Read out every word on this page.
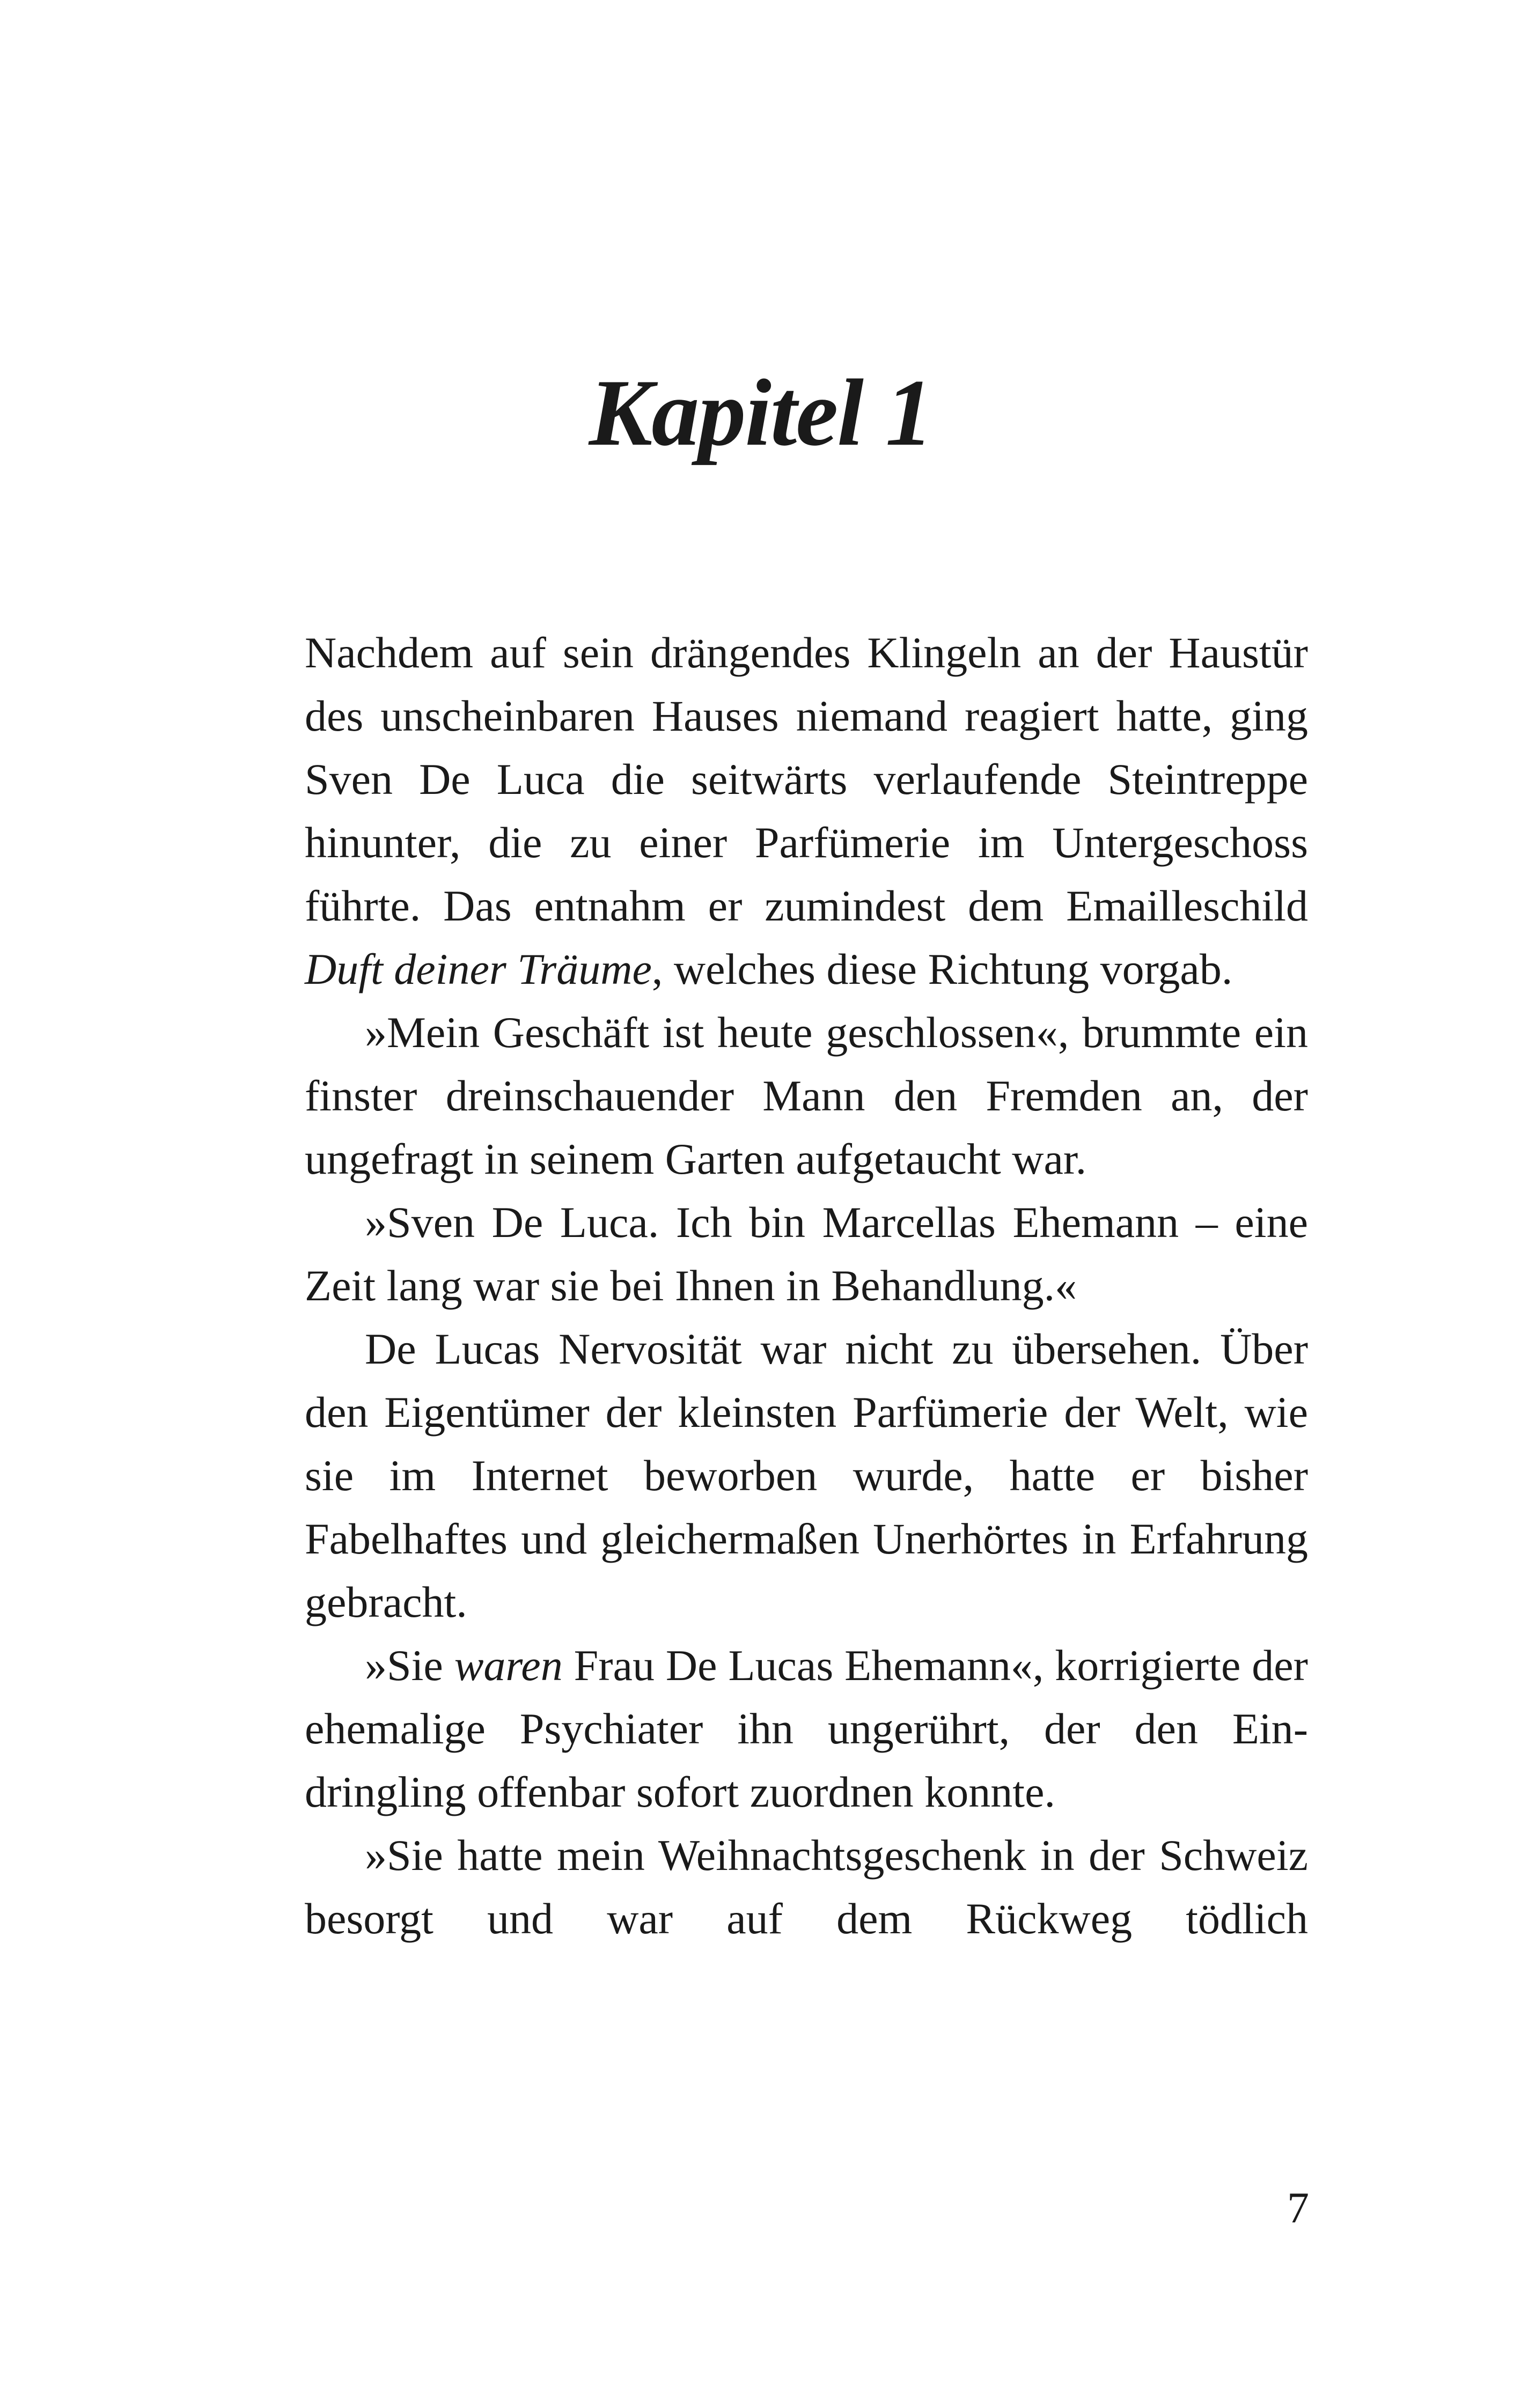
Kapitel 1

Nachdem auf sein drängendes Klingeln an der Haustür des unscheinbaren Hauses niemand reagiert hatte, ging Sven De Luca die seitwärts verlaufende Steintreppe hinunter, die zu einer Parfümerie im Untergeschoss führte. Das entnahm er zumindest dem Emailleschild Duft deiner Träume, welches diese Richtung vorgab.

»Mein Geschäft ist heute geschlossen«, brummte ein finster dreinschauender Mann den Fremden an, der ungefragt in seinem Garten aufgetaucht war.

»Sven De Luca. Ich bin Marcellas Ehemann – eine Zeit lang war sie bei Ihnen in Behandlung.«

De Lucas Nervosität war nicht zu übersehen. Über den Eigentümer der kleinsten Parfümerie der Welt, wie sie im Internet beworben wurde, hatte er bisher Fabelhaftes und gleichermaßen Unerhörtes in Erfahrung gebracht.

»Sie waren Frau De Lucas Ehemann«, korrigierte der ehemalige Psychiater ihn ungerührt, der den Eindringling offenbar sofort zuordnen konnte.

»Sie hatte mein Weihnachtsgeschenk in der Schweiz besorgt und war auf dem Rückweg tödlich

7
